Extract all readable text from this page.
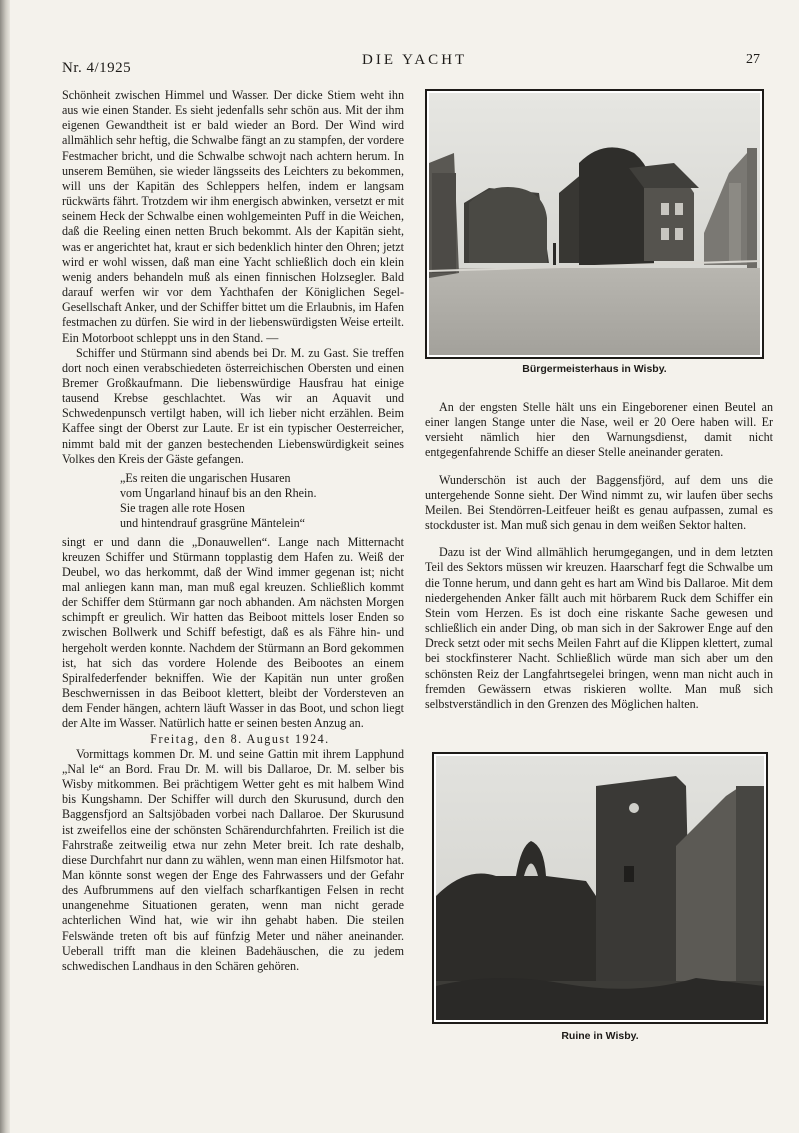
Nr. 4/1925	DIE YACHT	27

Schönheit zwischen Himmel und Wasser. Der dicke Stiem weht ihn aus wie einen Stander. Es sieht jedenfalls sehr schön aus. Mit der ihm eigenen Gewandtheit ist er bald wieder an Bord. Der Wind wird allmählich sehr heftig, die Schwalbe fängt an zu stampfen, der vordere Festmacher bricht, und die Schwalbe schwojt nach achtern herum. In unserem Bemühen, sie wieder längsseits des Leichters zu bekommen, will uns der Kapitän des Schleppers helfen, indem er langsam rückwärts fährt. Trotzdem wir ihm energisch abwinken, versetzt er mit seinem Heck der Schwalbe einen wohlgemeinten Puff in die Weichen, daß die Reeling einen netten Bruch bekommt. Als der Kapitän sieht, was er angerichtet hat, kraut er sich bedenklich hinter den Ohren; jetzt wird er wohl wissen, daß man eine Yacht schließlich doch ein klein wenig anders behandeln muß als einen finnischen Holzsegler. Bald darauf werfen wir vor dem Yachthafen der Königlichen Segel-Gesellschaft Anker, und der Schiffer bittet um die Erlaubnis, im Hafen festmachen zu dürfen. Sie wird in der liebenswürdigsten Weise erteilt. Ein Motorboot schleppt uns in den Stand. —

Schiffer und Stürmann sind abends bei Dr. M. zu Gast. Sie treffen dort noch einen verabschiedeten österreichischen Obersten und einen Bremer Großkaufmann. Die liebenswürdige Hausfrau hat einige tausend Krebse geschlachtet. Was wir an Aquavit und Schwedenpunsch vertilgt haben, will ich lieber nicht erzählen. Beim Kaffee singt der Oberst zur Laute. Er ist ein typischer Oesterreicher, nimmt bald mit der ganzen bestechenden Liebenswürdigkeit seines Volkes den Kreis der Gäste gefangen.

„Es reiten die ungarischen Husaren
vom Ungarland hinauf bis an den Rhein.
Sie tragen alle rote Hosen
und hintendrauf grasgrüne Mäntelein“

singt er und dann die „Donauwellen“. Lange nach Mitternacht kreuzen Schiffer und Stürmann topplastig dem Hafen zu. Weiß der Deubel, wo das herkommt, daß der Wind immer gegenan ist; nicht mal anliegen kann man, man muß egal kreuzen. Schließlich kommt der Schiffer dem Stürmann gar noch abhanden. Am nächsten Morgen schimpft er greulich. Wir hatten das Beiboot mittels loser Enden so zwischen Bollwerk und Schiff befestigt, daß es als Fähre hin- und hergeholt werden konnte. Nachdem der Stürmann an Bord gekommen ist, hat sich das vordere Holende des Beibootes an einem Spiralfederfender bekniffen. Wie der Kapitän nun unter großen Beschwernissen in das Beiboot klettert, bleibt der Vordersteven an dem Fender hängen, achtern läuft Wasser in das Boot, und schon liegt der Alte im Wasser. Natürlich hatte er seinen besten Anzug an.

Freitag, den 8. August 1924.

Vormittags kommen Dr. M. und seine Gattin mit ihrem Lapphund „Nal le“ an Bord. Frau Dr. M. will bis Dallaroe, Dr. M. selber bis Wisby mitkommen. Bei prächtigem Wetter geht es mit halbem Wind bis Kungshamn. Der Schiffer will durch den Skurusund, durch den Baggensfjord an Saltsjöbaden vorbei nach Dallaroe. Der Skurusund ist zweifellos eine der schönsten Schärendurchfahrten. Freilich ist die Fahrstraße zeitweilig etwa nur zehn Meter breit. Ich rate deshalb, diese Durchfahrt nur dann zu wählen, wenn man einen Hilfsmotor hat. Man könnte sonst wegen der Enge des Fahrwassers und der Gefahr des Aufbrummens auf den vielfach scharfkantigen Felsen in recht unangenehme Situationen geraten, wenn man nicht gerade achterlichen Wind hat, wie wir ihn gehabt haben. Die steilen Felswände treten oft bis auf fünfzig Meter und näher aneinander. Ueberall trifft man die kleinen Badehäuschen, die zu jedem schwedischen Landhaus in den Schären gehören.

Bürgermeisterhaus in Wisby.

An der engsten Stelle hält uns ein Eingeborener einen Beutel an einer langen Stange unter die Nase, weil er 20 Oere haben will. Er versieht nämlich hier den Warnungsdienst, damit nicht entgegenfahrende Schiffe an dieser Stelle aneinander geraten.

Wunderschön ist auch der Baggensfjörd, auf dem uns die untergehende Sonne sieht. Der Wind nimmt zu, wir laufen über sechs Meilen. Bei Stendörren-Leitfeuer heißt es genau aufpassen, zumal es stockduster ist. Man muß sich genau in dem weißen Sektor halten.

Dazu ist der Wind allmählich herumgegangen, und in dem letzten Teil des Sektors müssen wir kreuzen. Haarscharf fegt die Schwalbe um die Tonne herum, und dann geht es hart am Wind bis Dallaroe. Mit dem niedergehenden Anker fällt auch mit hörbarem Ruck dem Schiffer ein Stein vom Herzen. Es ist doch eine riskante Sache gewesen und schließlich ein ander Ding, ob man sich in der Sakrower Enge auf den Dreck setzt oder mit sechs Meilen Fahrt auf die Klippen klettert, zumal bei stockfinsterer Nacht. Schließlich würde man sich aber um den schönsten Reiz der Langfahrtsegelei bringen, wenn man nicht auch in fremden Gewässern etwas riskieren wollte. Man muß sich selbstverständlich in den Grenzen des Möglichen halten.

Ruine in Wisby.
